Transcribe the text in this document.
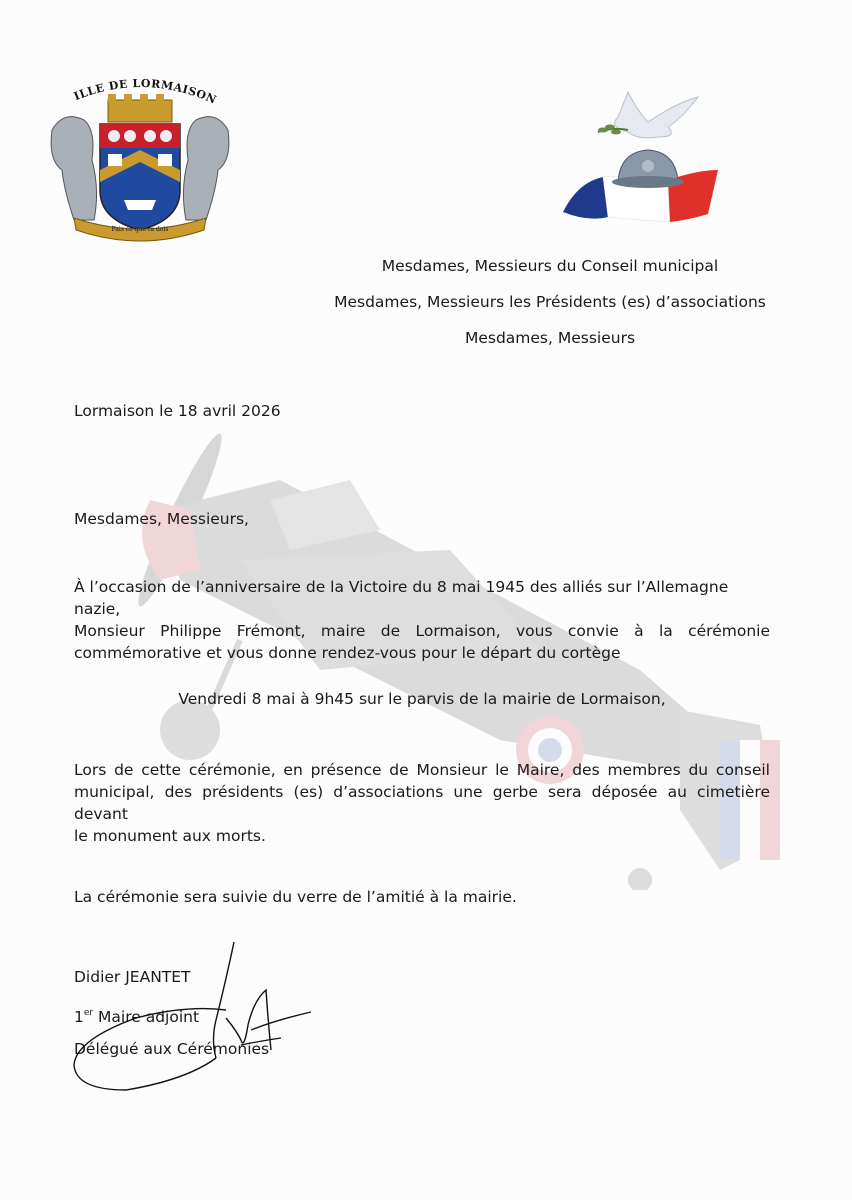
ILLE DE LORMAISON
Fais ce que tu dois
Mesdames, Messieurs du Conseil municipal
Mesdames, Messieurs les Présidents (es) d’associations
Mesdames, Messieurs
Lormaison le 18 avril 2026
Mesdames, Messieurs,
À l’occasion de l’anniversaire de la Victoire du 8 mai 1945 des alliés sur l’Allemagne nazie,
Monsieur Philippe Frémont, maire de Lormaison, vous convie à la cérémonie
commémorative et vous donne rendez-vous pour le départ du cortège
Vendredi 8 mai à 9h45 sur le parvis de la mairie de Lormaison,
Lors de cette cérémonie, en présence de Monsieur le Maire, des membres du conseil
municipal, des présidents (es) d’associations une gerbe sera déposée au cimetière devant
le monument aux morts.
La cérémonie sera suivie du verre de l’amitié à la mairie.
Didier JEANTET
1er Maire adjoint
Délégué aux Cérémonies
